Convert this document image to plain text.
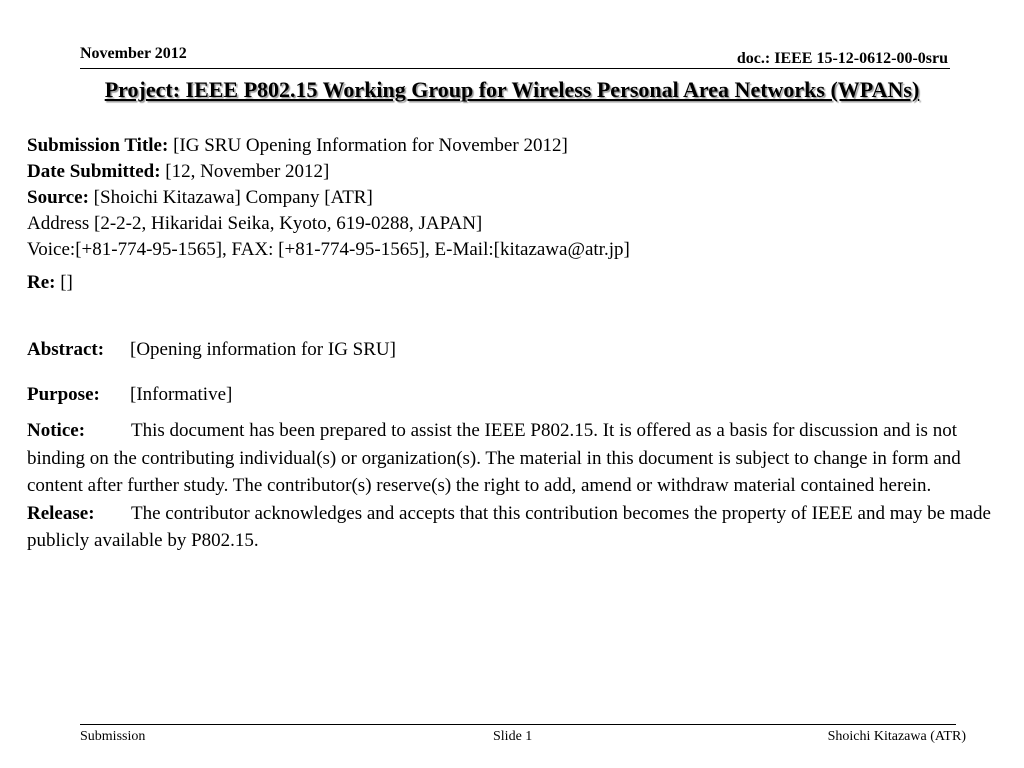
November 2012	doc.: IEEE 15-12-0612-00-0sru
Project: IEEE P802.15 Working Group for Wireless Personal Area Networks (WPANs)
Submission Title: [IG SRU Opening Information for November 2012]
Date Submitted: [12, November 2012]
Source: [Shoichi Kitazawa] Company [ATR]
Address [2-2-2, Hikaridai Seika, Kyoto, 619-0288, JAPAN]
Voice:[+81-774-95-1565], FAX: [+81-774-95-1565], E-Mail:[kitazawa@atr.jp]
Re: []
Abstract: [Opening information for IG SRU]
Purpose: [Informative]
Notice: This document has been prepared to assist the IEEE P802.15. It is offered as a basis for discussion and is not binding on the contributing individual(s) or organization(s). The material in this document is subject to change in form and content after further study. The contributor(s) reserve(s) the right to add, amend or withdraw material contained herein.
Release: The contributor acknowledges and accepts that this contribution becomes the property of IEEE and may be made publicly available by P802.15.
Submission	Slide 1	Shoichi Kitazawa (ATR)
